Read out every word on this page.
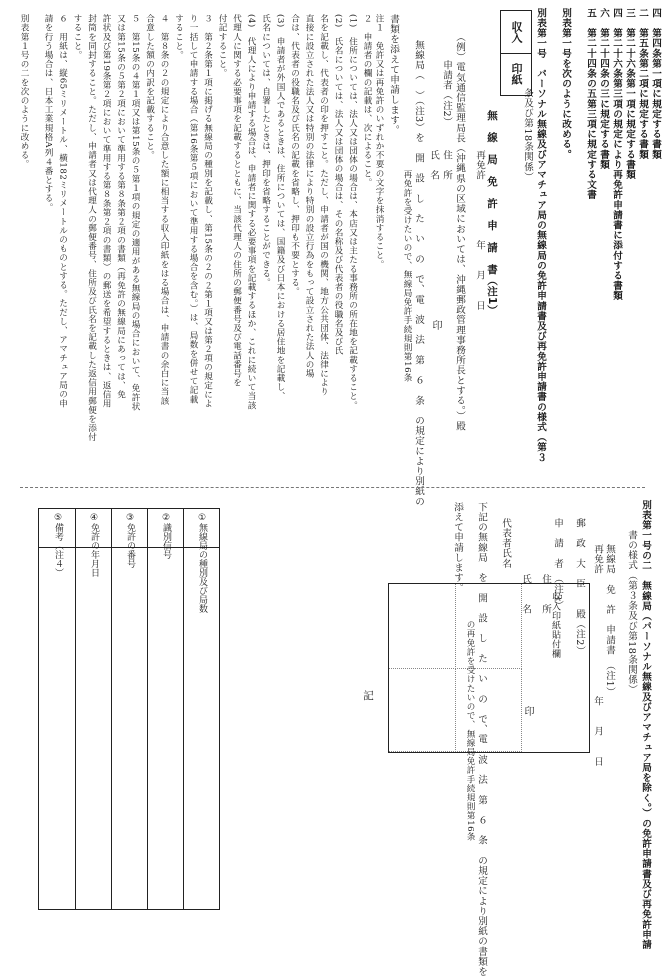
四　第四条第一項に規定する書類
二　第五条第二項に規定する書類
三　第二十六条第一項に規定する書類
四　第二十六条第三項の規定により再免許申請書に添付する書類
六　第二十四条の三に規定する書類
五　第二十四条の五第三項に規定する文書
別表第一号を次のように改める。
別表第一号　パーソナル無線及びアマチュア局の無線局の免許申請書及び再免許申請書の様式（第３
条及び第18条関係）
収入
印紙
無　線　局　免　許　申　請　書（注1）
再免許
年　　月　　日
（例）電気通信監理局長（沖縄県の区域においては、沖縄郵政管理事務所長とする。）殿
申請者（注2）
住　所
氏　名
印
無線局（　）（注3）を　開　設　し　た　い　の　で、電　波　法　第　６　条　の規定により別紙の
再免許を受けたいので、無線局免許手続規則第16条
書類を添えて申請します。
注１　免許又は再免許のいずれか不要の文字を抹消すること。
２　申請者の欄の記載は、次によること。
(1)　住所については、法人又は団体の場合は、本店又は主たる事務所の所在地を記載すること。
(2)　氏名については、法人又は団体の場合は、その名称及び代表者の役職名及び氏
名を記載し、代表者の印を押すこと。ただし、申請者が国の機関、地方公共団体、法律により
直接に設立された法人又は特別の法律により特別の設立行為をもって設立された法人の場
合は、代表者の役職名及び氏名の記載を省略し、押印も不要とする。
(3)　申請者が外国人であるときは、住所については、国籍及び日本における居住地を記載し、
氏名については、自署したときは、押印を省略することができる。
(4)　代理人により申請する場合は、申請者に関する必要事項を記載するほか、これに続いて当該
代理人に関する必要事項を記載するとともに、当該代理人の住所の郵便番号及び電話番号を
付記すること。
３　第２条第１項に掲げる無線局の種別を記載し、第15条の２の２第１項又は第２項の規定によ
り一括して申請する場合（第16条第５項において準用する場合を含む。）は、局数を併せて記載
すること。
４　第８条の２の規定により合意した額に相当する収入印紙をはる場合は、申請書の余白に当該
合意した額の内訳を記載すること。
５　第15条の４第１項又は第15条の５第１項の規定の適用がある無線局の場合において、免許状
又は第15条の５第２項において準用する第８条第２項の書類（再免許の無線局にあっては、免
許状及び第19条第２項において準用する第８条第２項の書類）の郵送を希望するときは、返信用
封筒を同封すること。ただし、申請者又は代理人の郵便番号、住所及び氏名を記載した返信用郵便を添付
すること。
６　用紙は、縦65ミリメートル、横182ミリメートルのものとする。ただし、アマチュア局の申
請を行う場合は、日本工業規格A列４番とする。
別表第１号の二を次のように改める。
別表第一号の二　無線局（パーソナル無線及びアマチュア局を除く。）の免許申請書及び再免許申請
書の様式（第３条及び第18条関係）
無線局　免　許　申請書　（注1）
再免許
年　　月　　日
郵　政　大　臣　　殿（注2）
申　請　者　（注3）
住　　所
氏　　名
印
代表者氏名
収入印紙貼付欄
下記の無線局　を　開　設　し　た　い　の　で、電　波　法　第　６　条　の規定により別紙の書類を
の再免許を受けたいので、無線局免許手続規則第16条
添えて申請します。
記
①無線局の種別及び局数
②識別信号
③免許の番号
④免許の年月日
⑤備考（注４）
